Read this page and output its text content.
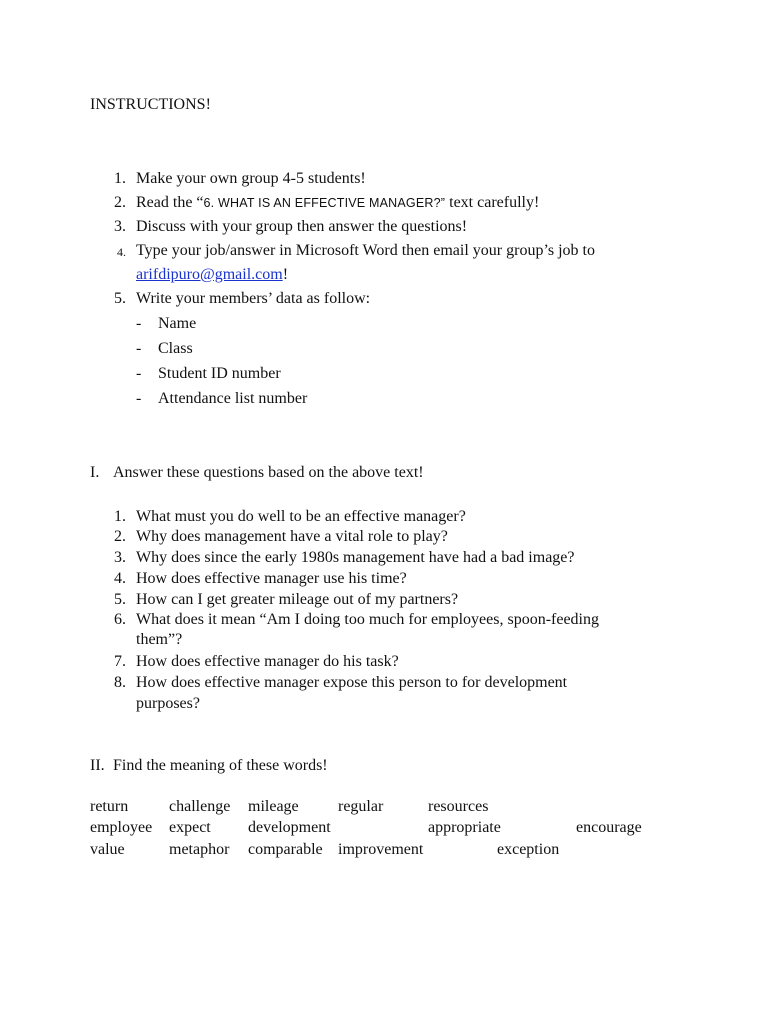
INSTRUCTIONS!
1. Make your own group 4-5 students!
2. Read the “6. WHAT IS AN EFFECTIVE MANAGER?” text carefully!
3. Discuss with your group then answer the questions!
4. Type your job/answer in Microsoft Word then email your group’s job to
arifdipuro@gmail.com!
5. Write your members’ data as follow:
- Name
- Class
- Student ID number
- Attendance list number
I. Answer these questions based on the above text!
1. What must you do well to be an effective manager?
2. Why does management have a vital role to play?
3. Why does since the early 1980s management have had a bad image?
4. How does effective manager use his time?
5. How can I get greater mileage out of my partners?
6. What does it mean “Am I doing too much for employees, spoon-feeding
them”?
7. How does effective manager do his task?
8. How does effective manager expose this person to for development
purposes?
II. Find the meaning of these words!
return	challenge mileage regular	resources
employee expect development	appropriate	encourage
value	metaphor comparable improvement	exception
